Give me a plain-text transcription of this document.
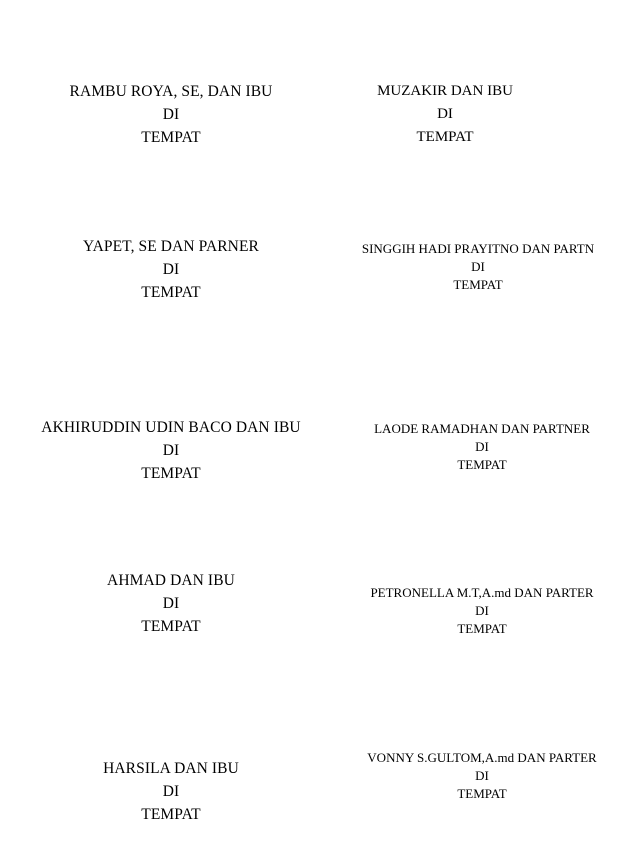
RAMBU ROYA, SE, DAN IBU
DI
TEMPAT
MUZAKIR DAN IBU
DI
TEMPAT
YAPET, SE DAN PARNER
DI
TEMPAT
SINGGIH HADI PRAYITNO DAN PARTN
DI
TEMPAT
AKHIRUDDIN UDIN BACO DAN IBU
DI
TEMPAT
LAODE RAMADHAN DAN PARTNER
DI
TEMPAT
AHMAD DAN IBU
DI
TEMPAT
PETRONELLA M.T,A.md DAN PARTER
DI
TEMPAT
HARSILA DAN IBU
DI
TEMPAT
VONNY S.GULTOM,A.md DAN PARTER
DI
TEMPAT
